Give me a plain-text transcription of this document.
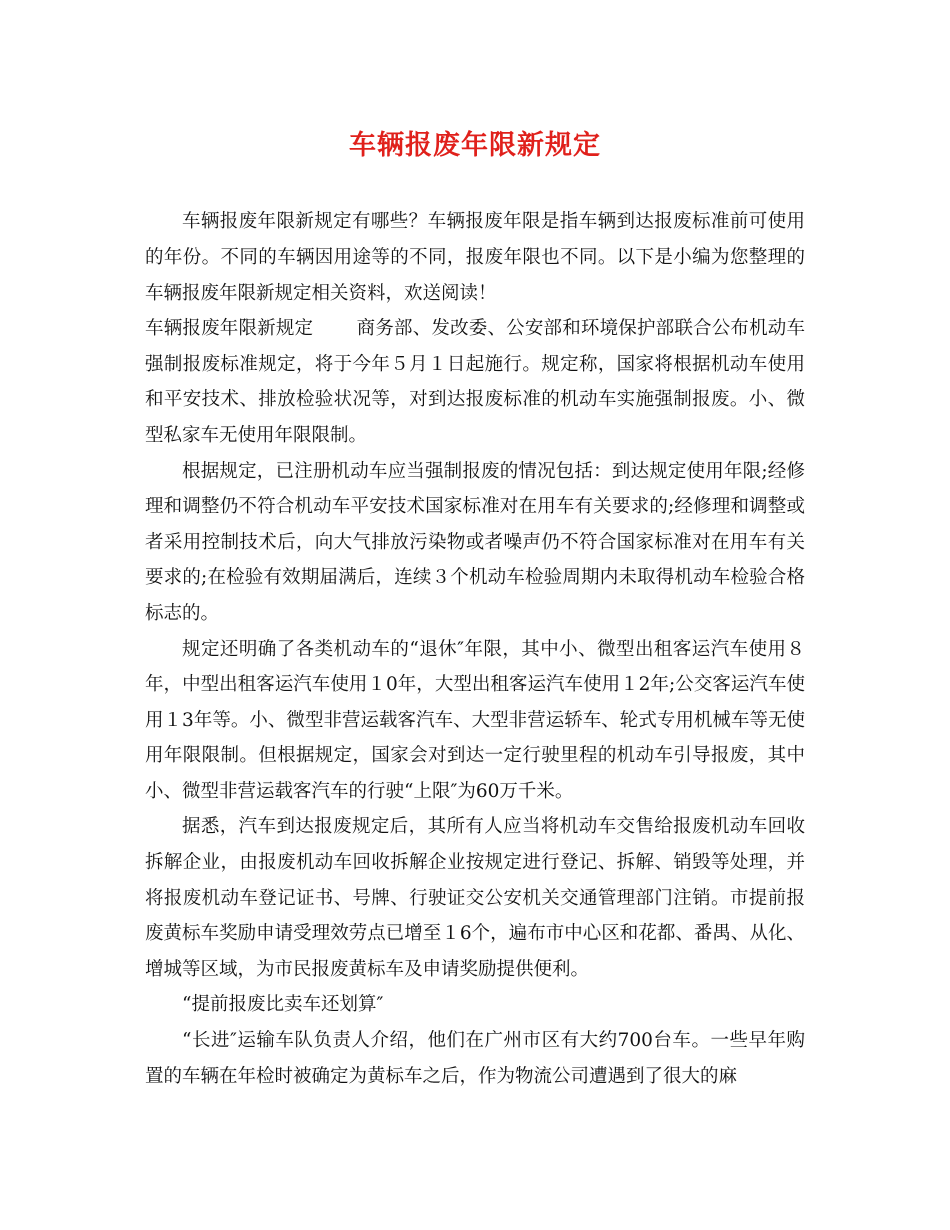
车辆报废年限新规定

车辆报废年限新规定有哪些？车辆报废年限是指车辆到达报废标准前可使用的年份。不同的车辆因用途等的不同，报废年限也不同。以下是小编为您整理的车辆报废年限新规定相关资料，欢送阅读！

车辆报废年限新规定　　 商务部、发改委、公安部和环境保护部联合公布机动车强制报废标准规定，将于今年５月１日起施行。规定称，国家将根据机动车使用和平安技术、排放检验状况等，对到达报废标准的机动车实施强制报废。小、微型私家车无使用年限限制。

根据规定，已注册机动车应当强制报废的情况包括：到达规定使用年限;经修理和调整仍不符合机动车平安技术国家标准对在用车有关要求的;经修理和调整或者采用控制技术后，向大气排放污染物或者噪声仍不符合国家标准对在用车有关要求的;在检验有效期届满后，连续３个机动车检验周期内未取得机动车检验合格标志的。

规定还明确了各类机动车的“退休″年限，其中小、微型出租客运汽车使用８年，中型出租客运汽车使用１0年，大型出租客运汽车使用１2年;公交客运汽车使用１3年等。小、微型非营运载客汽车、大型非营运轿车、轮式专用机械车等无使用年限限制。但根据规定，国家会对到达一定行驶里程的机动车引导报废，其中小、微型非营运载客汽车的行驶“上限″为60万千米。

据悉，汽车到达报废规定后，其所有人应当将机动车交售给报废机动车回收拆解企业，由报废机动车回收拆解企业按规定进行登记、拆解、销毁等处理，并将报废机动车登记证书、号牌、行驶证交公安机关交通管理部门注销。市提前报废黄标车奖励申请受理效劳点已增至１6个，遍布市中心区和花都、番禺、从化、增城等区域，为市民报废黄标车及申请奖励提供便利。

“提前报废比卖车还划算″

“长进″运输车队负责人介绍，他们在广州市区有大约700台车。一些早年购置的车辆在年检时被确定为黄标车之后，作为物流公司遭遇到了很大的麻
